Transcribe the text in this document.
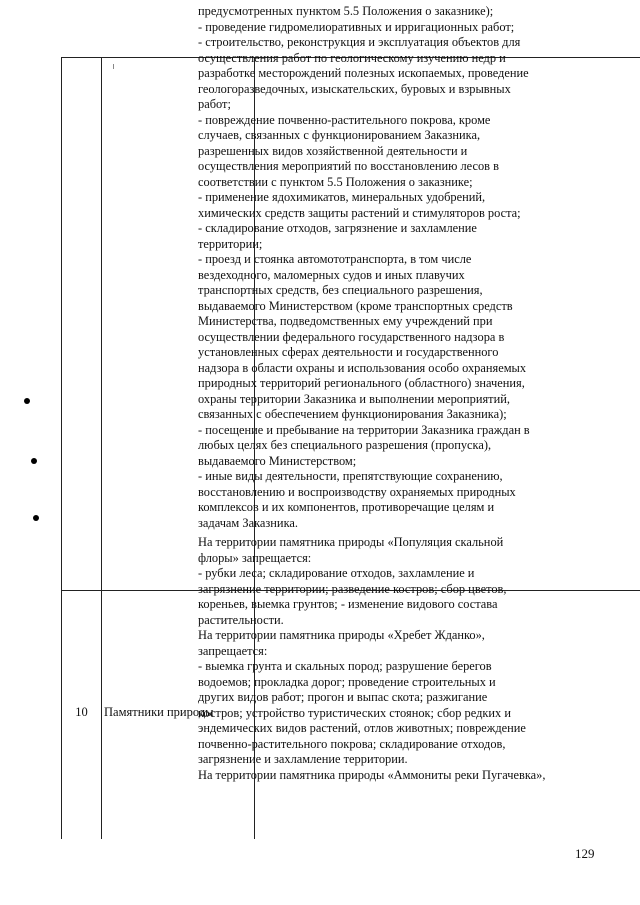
предусмотренных пунктом 5.5 Положения о заказнике);
- проведение гидромелиоративных и ирригационных работ;
- строительство, реконструкция и эксплуатация объектов для
осуществления работ по геологическому изучению недр и
разработке месторождений полезных ископаемых, проведение
геологоразведочных, изыскательских, буровых и взрывных
работ;
- повреждение почвенно-растительного покрова, кроме
случаев, связанных с функционированием Заказника,
разрешенных видов хозяйственной деятельности и
осуществления мероприятий по восстановлению лесов в
соответствии с пунктом 5.5 Положения о заказнике;
- применение ядохимикатов, минеральных удобрений,
химических средств защиты растений и стимуляторов роста;
- складирование отходов, загрязнение и захламление
территории;
- проезд и стоянка автомототранспорта, в том числе
вездеходного, маломерных судов и иных плавучих
транспортных средств, без специального разрешения,
выдаваемого Министерством (кроме транспортных средств
Министерства, подведомственных ему учреждений при
осуществлении федерального государственного надзора в
установленных сферах деятельности и государственного
надзора в области охраны и использования особо охраняемых
природных территорий регионального (областного) значения,
охраны территории Заказника и выполнении мероприятий,
связанных с обеспечением функционирования Заказника);
- посещение и пребывание на территории Заказника граждан в
любых целях без специального разрешения (пропуска),
выдаваемого Министерством;
- иные виды деятельности, препятствующие сохранению,
восстановлению и воспроизводству охраняемых природных
комплексов и их компонентов, противоречащие целям и
задачам Заказника.
10	Памятники природы
На территории памятника природы «Популяция скальной
флоры» запрещается:
- рубки леса; складирование отходов, захламление и
загрязнение территории; разведение костров; сбор цветов,
кореньев, выемка грунтов; - изменение видового состава
растительности.
На территории памятника природы «Хребет Жданко»,
запрещается:
- выемка грунта и скальных пород; разрушение берегов
водоемов; прокладка дорог; проведение строительных и
других видов работ; прогон и выпас скота; разжигание
костров; устройство туристических стоянок; сбор редких и
эндемических видов растений, отлов животных; повреждение
почвенно-растительного покрова; складирование отходов,
загрязнение и захламление территории.
На территории памятника природы «Аммониты реки Пугачевка»,
129
